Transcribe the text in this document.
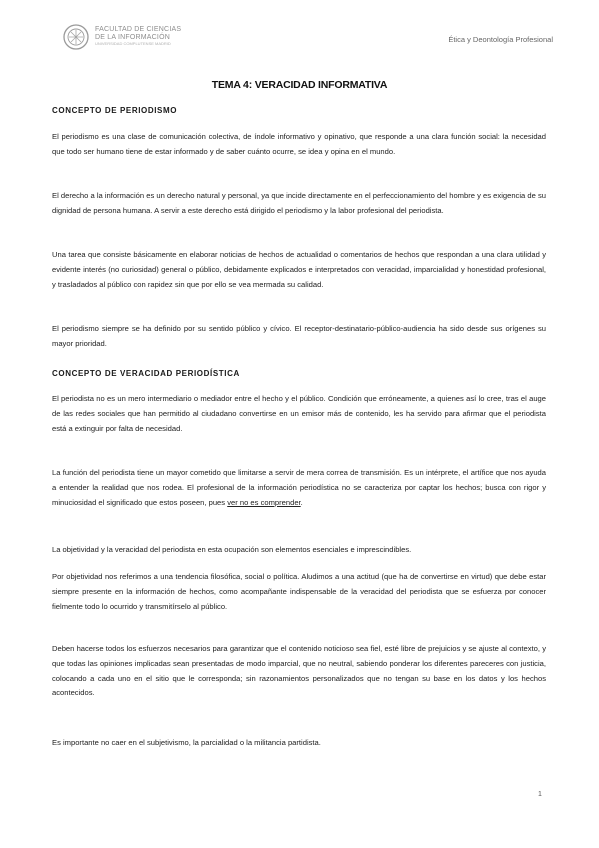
FACULTAD DE CIENCIAS
DE LA INFORMACIÓN
UNIVERSIDAD COMPLUTENSE MADRID	Ética y Deontología Profesional
TEMA 4: VERACIDAD INFORMATIVA
CONCEPTO DE PERIODISMO

El periodismo es una clase de comunicación colectiva, de índole informativo y opinativo, que responde a una clara función social: la necesidad que todo ser humano tiene de estar informado y de saber cuánto ocurre, se idea y opina en el mundo.

El derecho a la información es un derecho natural y personal, ya que incide directamente en el perfeccionamiento del hombre y es exigencia de su dignidad de persona humana. A servir a este derecho está dirigido el periodismo y la labor profesional del periodista.

Una tarea que consiste básicamente en elaborar noticias de hechos de actualidad o comentarios de hechos que respondan a una clara utilidad y evidente interés (no curiosidad) general o público, debidamente explicados e interpretados con veracidad, imparcialidad y honestidad profesional, y trasladados al público con rapidez sin que por ello se vea mermada su calidad.

El periodismo siempre se ha definido por su sentido público y cívico. El receptor-destinatario-público-audiencia ha sido desde sus orígenes su mayor prioridad.

CONCEPTO DE VERACIDAD PERIODÍSTICA

El periodista no es un mero intermediario o mediador entre el hecho y el público. Condición que erróneamente, a quienes así lo cree, tras el auge de las redes sociales que han permitido al ciudadano convertirse en un emisor más de contenido, les ha servido para afirmar que el periodista está a extinguir por falta de necesidad.

La función del periodista tiene un mayor cometido que limitarse a servir de mera correa de transmisión. Es un intérprete, el artífice que nos ayuda a entender la realidad que nos rodea. El profesional de la información periodística no se caracteriza por captar los hechos; busca con rigor y minuciosidad el significado que estos poseen, pues ver no es comprender.

La objetividad y la veracidad del periodista en esta ocupación son elementos esenciales e imprescindibles.

Por objetividad nos referimos a una tendencia filosófica, social o política. Aludimos a una actitud (que ha de convertirse en virtud) que debe estar siempre presente en la información de hechos, como acompañante indispensable de la veracidad del periodista que se esfuerza por conocer fielmente todo lo ocurrido y transmitírselo al público.

Deben hacerse todos los esfuerzos necesarios para garantizar que el contenido noticioso sea fiel, esté libre de prejuicios y se ajuste al contexto, y que todas las opiniones implicadas sean presentadas de modo imparcial, que no neutral, sabiendo ponderar los diferentes pareceres con justicia, colocando a cada uno en el sitio que le corresponda; sin razonamientos personalizados que no tengan su base en los datos y los hechos acontecidos.

Es importante no caer en el subjetivismo, la parcialidad o la militancia partidista.

1
